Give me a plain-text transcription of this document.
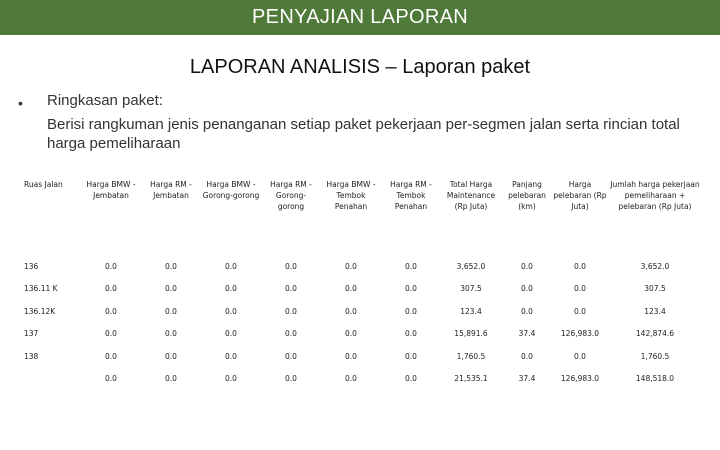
PENYAJIAN LAPORAN
LAPORAN ANALISIS – Laporan paket
• Ringkasan paket:
Berisi rangkuman jenis penanganan setiap paket pekerjaan per-segmen jalan serta rincian total harga pemeliharaan
Ruas Jalan	Harga BMW - Jembatan	Harga RM - Jembatan	Harga BMW - Gorong-gorong	Harga RM - Gorong-gorong	Harga BMW - Tembok Penahan	Harga RM - Tembok Penahan	Total Harga Maintenance (Rp Juta)	Panjang pelebaran (km)	Harga pelebaran (Rp Juta)	Jumlah harga pekerjaan pemeliharaan + pelebaran (Rp Juta)
136	0.0	0.0	0.0	0.0	0.0	0.0	3,652.0	0.0	0.0	3,652.0
136.11 K	0.0	0.0	0.0	0.0	0.0	0.0	307.5	0.0	0.0	307.5
136.12K	0.0	0.0	0.0	0.0	0.0	0.0	123.4	0.0	0.0	123.4
137	0.0	0.0	0.0	0.0	0.0	0.0	15,891.6	37.4	126,983.0	142,874.6
138	0.0	0.0	0.0	0.0	0.0	0.0	1,760.5	0.0	0.0	1,760.5
	0.0	0.0	0.0	0.0	0.0	0.0	21,535.1	37.4	126,983.0	148,518.0
